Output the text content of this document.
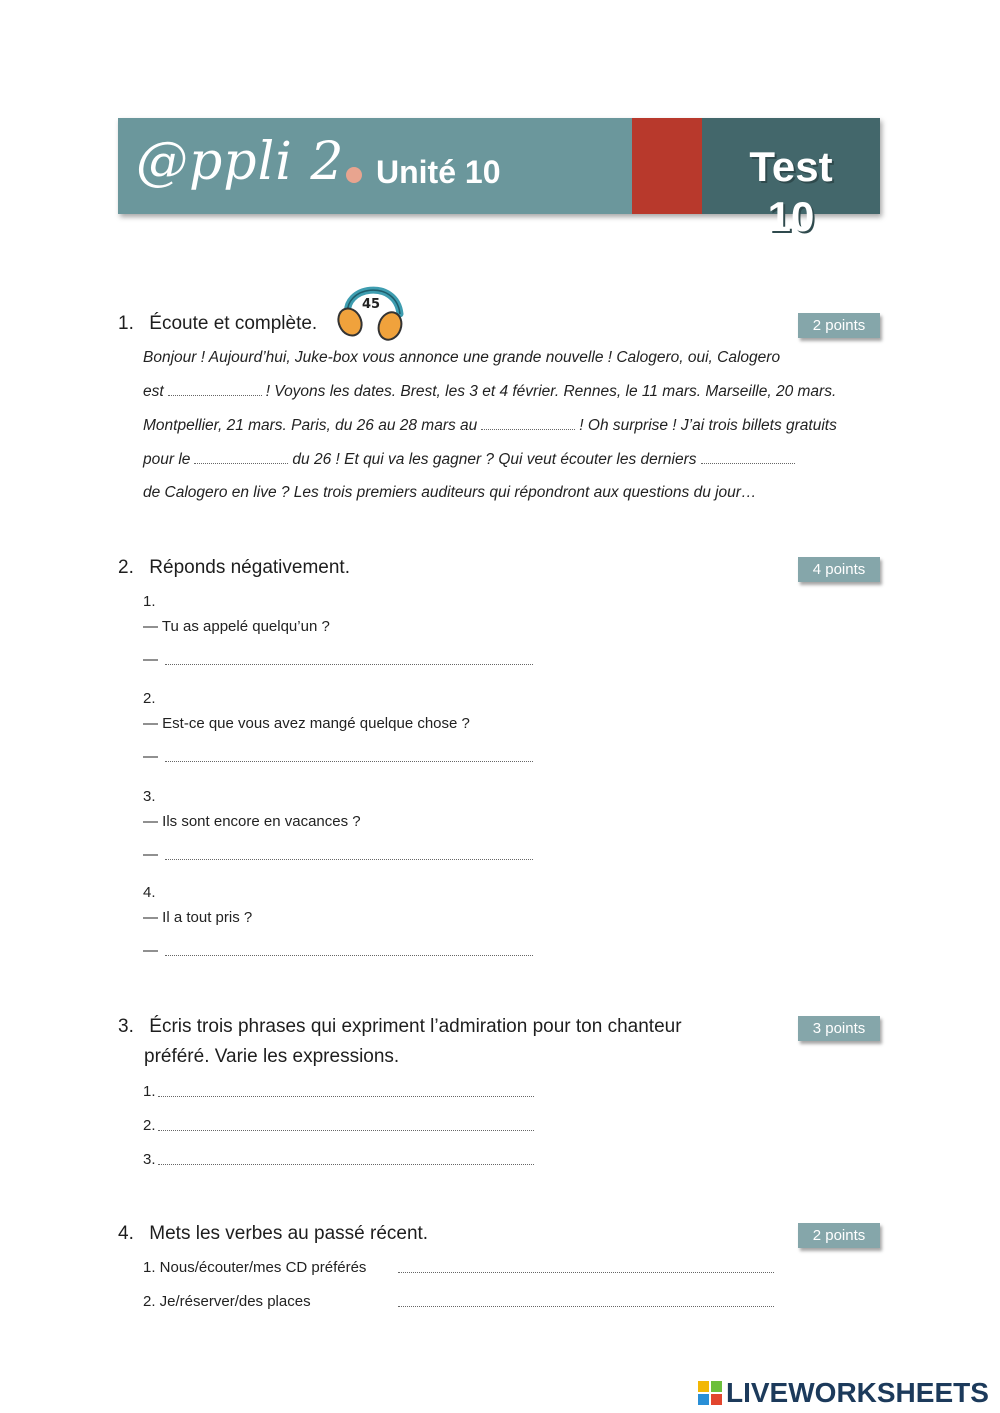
@ppli 2 Unité 10	Test 10
1. Écoute et complète.
45
2 points
Bonjour ! Aujourd’hui, Juke-box vous annonce une grande nouvelle ! Calogero, oui, Calogero
est	! Voyons les dates. Brest, les 3 et 4 février. Rennes, le 11 mars. Marseille, 20 mars.
Montpellier, 21 mars. Paris, du 26 au 28 mars au	! Oh surprise ! J’ai trois billets gratuits
pour le	du 26 ! Et qui va les gagner ? Qui veut écouter les derniers
de Calogero en live ? Les trois premiers auditeurs qui répondront aux questions du jour…
2. Réponds négativement.	4 points
1.
— Tu as appelé quelqu’un ?
—
2.
— Est-ce que vous avez mangé quelque chose ?
—
3.
— Ils sont encore en vacances ?
—
4.
— Il a tout pris ?
—
3. Écris trois phrases qui expriment l’admiration pour ton chanteur
préféré. Varie les expressions.
3 points
1.
2.
3.
4. Mets les verbes au passé récent.	2 points
1. Nous/écouter/mes CD préférés
2. Je/réserver/des places
LIVEWORKSHEETS
